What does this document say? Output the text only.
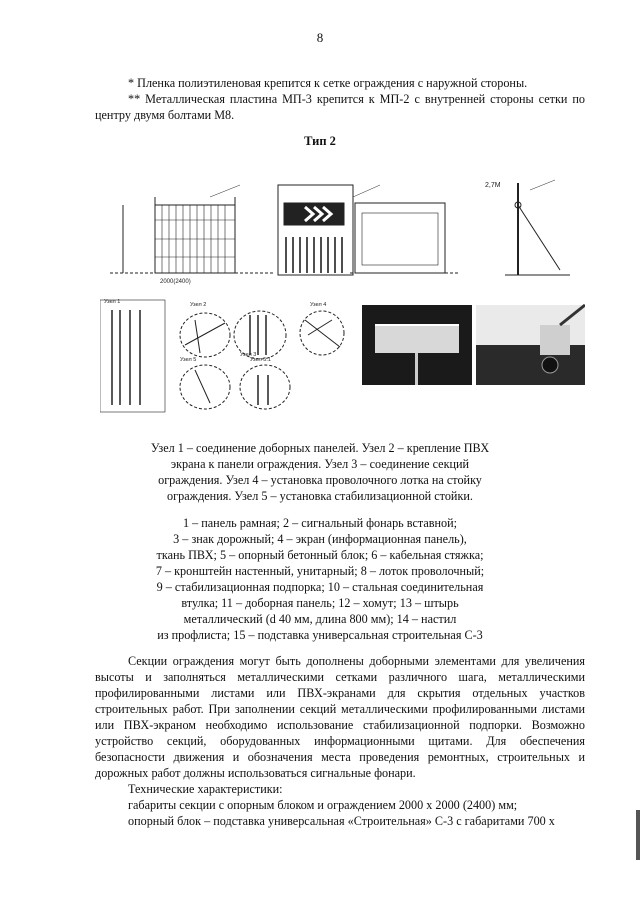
8
* Пленка полиэтиленовая крепится к сетке ограждения с наружной стороны.
** Металлическая пластина МП-3 крепится к МП-2 с внутренней стороны сетки по центру двумя болтами М8.
Тип 2
2000(2400)
2,7M
Узел 1	Узел 2
Узел 3
Узел 4
Узел 5	Узел 5.1
Узел 1 – соединение доборных панелей. Узел 2 – крепление ПВХ
экрана к панели ограждения. Узел 3 – соединение секций
ограждения. Узел 4 – установка проволочного лотка на стойку
ограждения. Узел 5 – установка стабилизационной стойки.
1 – панель рамная; 2 – сигнальный фонарь вставной;
3 – знак дорожный; 4 – экран (информационная панель),
ткань ПВХ; 5 – опорный бетонный блок; 6 – кабельная стяжка;
7 – кронштейн настенный, унитарный; 8 – лоток проволочный;
9 – стабилизационная подпорка; 10 – стальная соединительная
втулка; 11 – доборная панель; 12 – хомут; 13 – штырь
металлический (d 40 мм, длина 800 мм); 14 – настил
из профлиста; 15 – подставка универсальная строительная С-3

Секции ограждения могут быть дополнены доборными элементами для увеличения высоты и заполняться металлическими сетками различного шага, металлическими профилированными листами или ПВХ-экранами для скрытия отдельных участков строительных работ. При заполнении секций металлическими профилированными листами или ПВХ-экраном необходимо использование стабилизационной подпорки. Возможно устройство секций, оборудованных информационными щитами. Для обеспечения безопасности движения и обозначения места проведения ремонтных, строительных и дорожных работ должны использоваться сигнальные фонари.

Технические характеристики:

габариты секции с опорным блоком и ограждением 2000 х 2000 (2400) мм;

опорный блок – подставка универсальная «Строительная» С-3 с габаритами 700 х
